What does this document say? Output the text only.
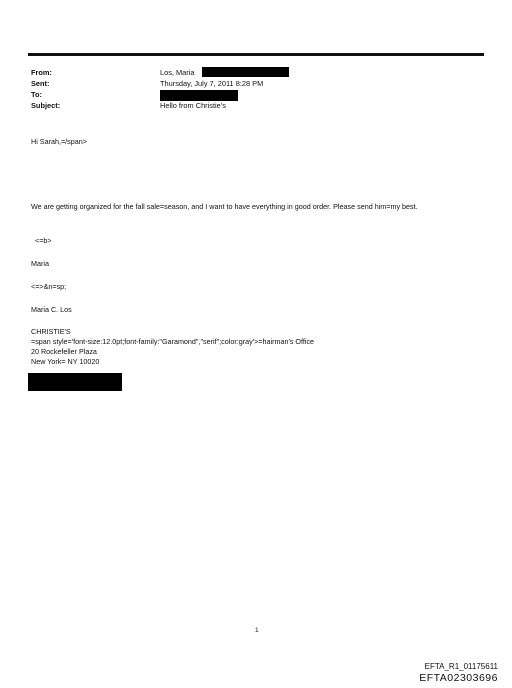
From:
Sent:
To:
Subject:
Los, Maria
Thursday, July 7, 2011 8:28 PM
Hello from Christie's
Hi Sarah,=/span>
We are getting organized for the fall sale=season, and I want to have everything in good order. Please send him=my best.
<=b>
Maria
<=>&n=sp;
Maria C. Los
CHRISTIE'S
=span style='font-size:12.0pt;font-family:"Garamond","serif";color:gray'>=hairman's Office
20 Rockefeller Plaza
New York= NY 10020
1
EFTA_R1_01175611
EFTA02303696
